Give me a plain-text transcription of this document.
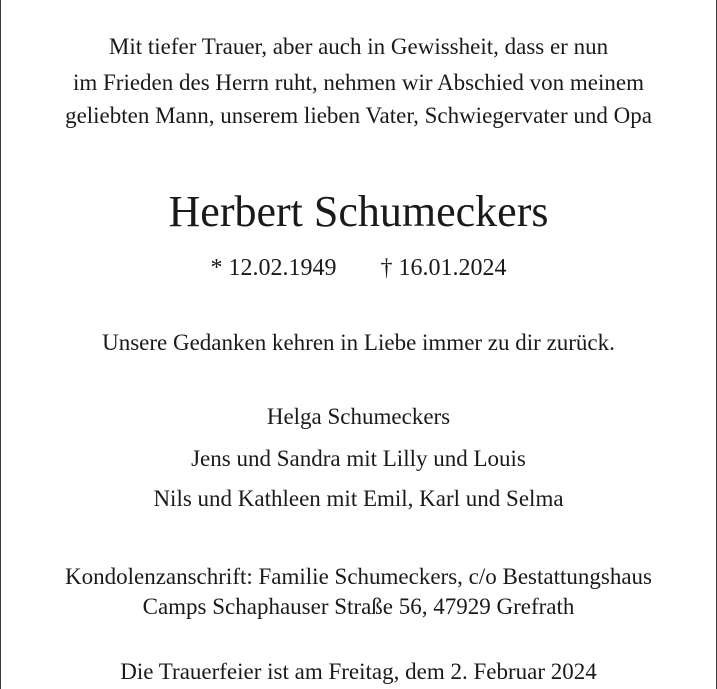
Mit tiefer Trauer, aber auch in Gewissheit, dass er nun
im Frieden des Herrn ruht, nehmen wir Abschied von meinem
geliebten Mann, unserem lieben Vater, Schwiegervater und Opa
Herbert Schumeckers
* 12.02.1949 † 16.01.2024
Unsere Gedanken kehren in Liebe immer zu dir zurück.
Helga Schumeckers
Jens und Sandra mit Lilly und Louis
Nils und Kathleen mit Emil, Karl und Selma
Kondolenzanschrift: Familie Schumeckers, c/o Bestattungshaus
Camps Schaphauser Straße 56, 47929 Grefrath
Die Trauerfeier ist am Freitag, dem 2. Februar 2024
